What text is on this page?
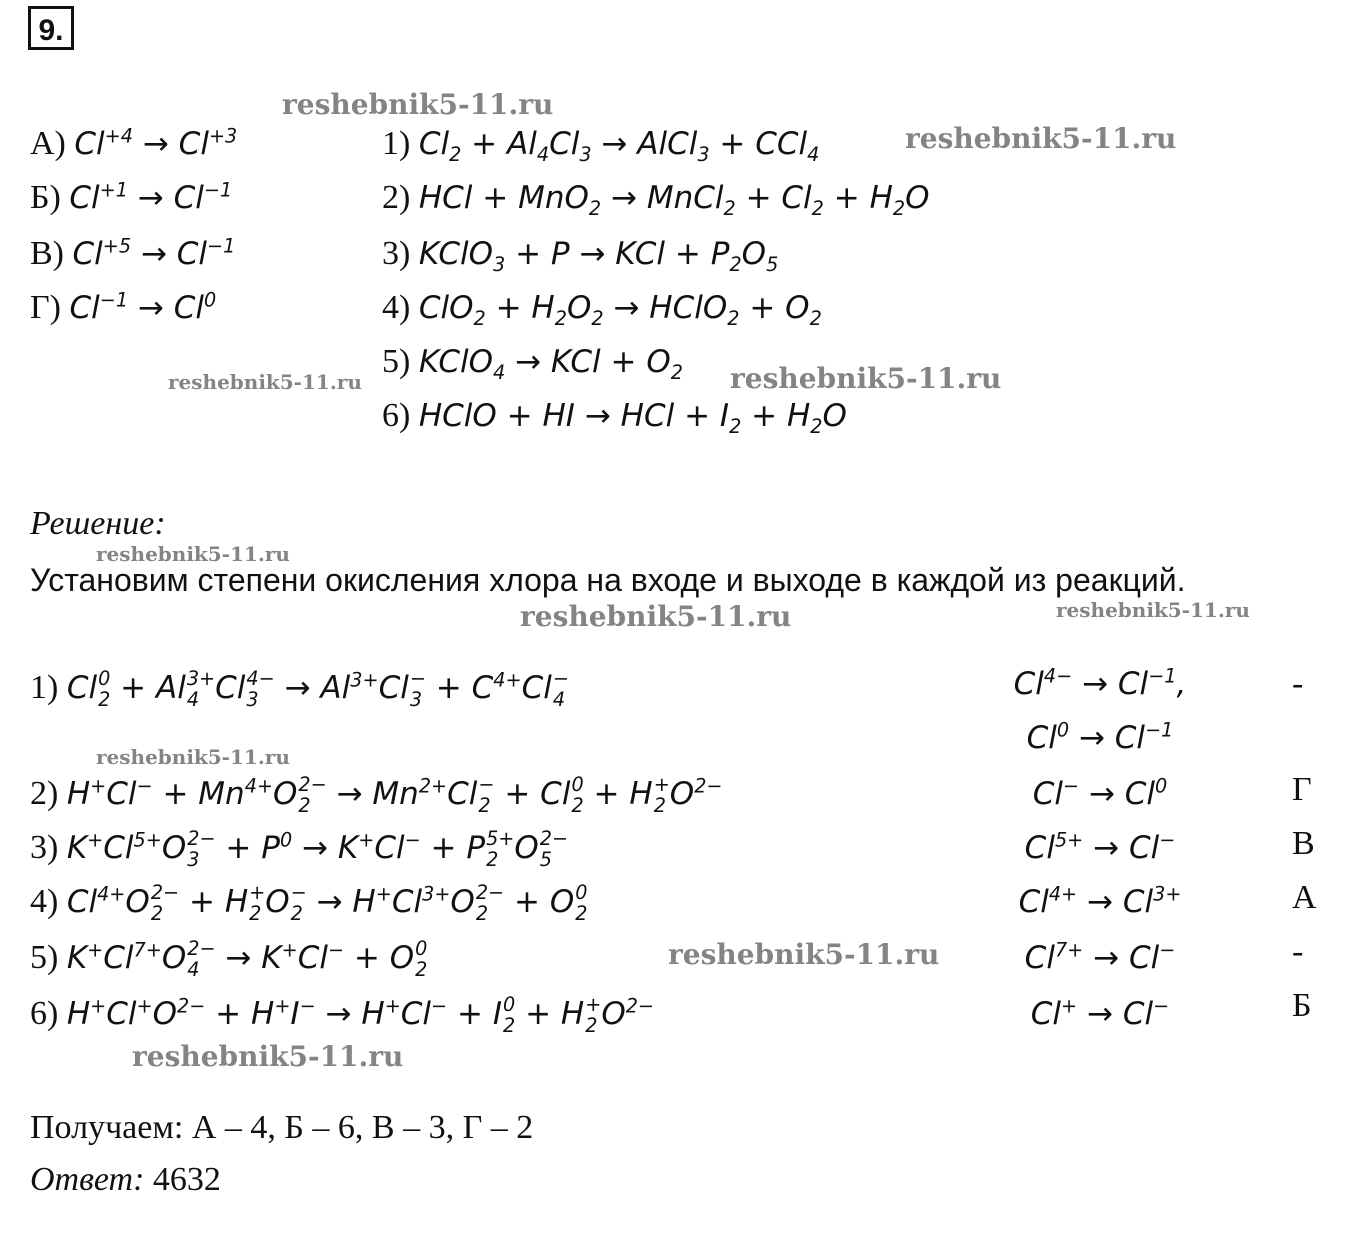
9.
reshebnik5-11.ru
reshebnik5-11.ru
reshebnik5-11.ru	reshebnik5-11.ru
reshebnik5-11.ru
reshebnik5-11.ru	reshebnik5-11.ru
reshebnik5-11.ru
reshebnik5-11.ru
reshebnik5-11.ru
А) $Cl^{+4} \to Cl^{+3}$
Б) $Cl^{+1} \to Cl^{-1}$
В) $Cl^{+5} \to Cl^{-1}$
Г) $Cl^{-1} \to Cl^0$
1) $Cl_2 + Al_4Cl_3$ → AlCl$_3$ + CCl$_4$
2) HCl + MnO$_2$ → MnCl$_2$ + $Cl_2 + H_2O$
3) KClO$_3$ + P → KCl + $P_2O_5$
4) $ClO_2 + H_2O_2$ → HClO$_2$ + $O_2$
5) KClO$_4$ → KCl + $O_2$
6) HClO + HI → HCl + $I_2 + H_2O$
Решение:
Установим степени окисления хлора на входе и выходе в каждой из реакций.
1) Cl 0
2 + Al 3+
4 Cl 4−
$3 \to Al^{3+}Cl$ −
$3 + C^{4+}Cl$ −
4
2) $H^+Cl^- + Mn^{4+}O$ 2−
$2 \to Mn^{2+}Cl$ −
2 + Cl 0
2 + H +
2 $O^{2-}$
3) $K^+Cl^{5+}O$ 2−
$3 + P^0 \to K^+Cl^- + P$ 5+
2 O 2−
5
4) $Cl^{4+}O$ 2−
2 + H +
2 O −
$2 \to H^+Cl^{3+}O$ 2−
2 + O 0
2
5) $K^+Cl^{7+}O$ 2−
4 → K+Cl− + O 0
2
6) $H^+Cl^+O^{2-} + H^+I^- \to H^+Cl^- + I$ 0
2 + H +
2 $O^{2-}$
$Cl^{4-} \to Cl^{-1}$,
$Cl^0 \to Cl^{-1}$
$Cl^- \to Cl^0$
$Cl^{5+} \to Cl^-$
$Cl^{4+} \to Cl^{3+}$
$Cl^{7+} \to Cl^-$
Cl+ → Cl−
-
Г
В
А
-
Б
Получаем: А – 4, Б – 6, В – 3, Г – 2
Ответ: 4632
